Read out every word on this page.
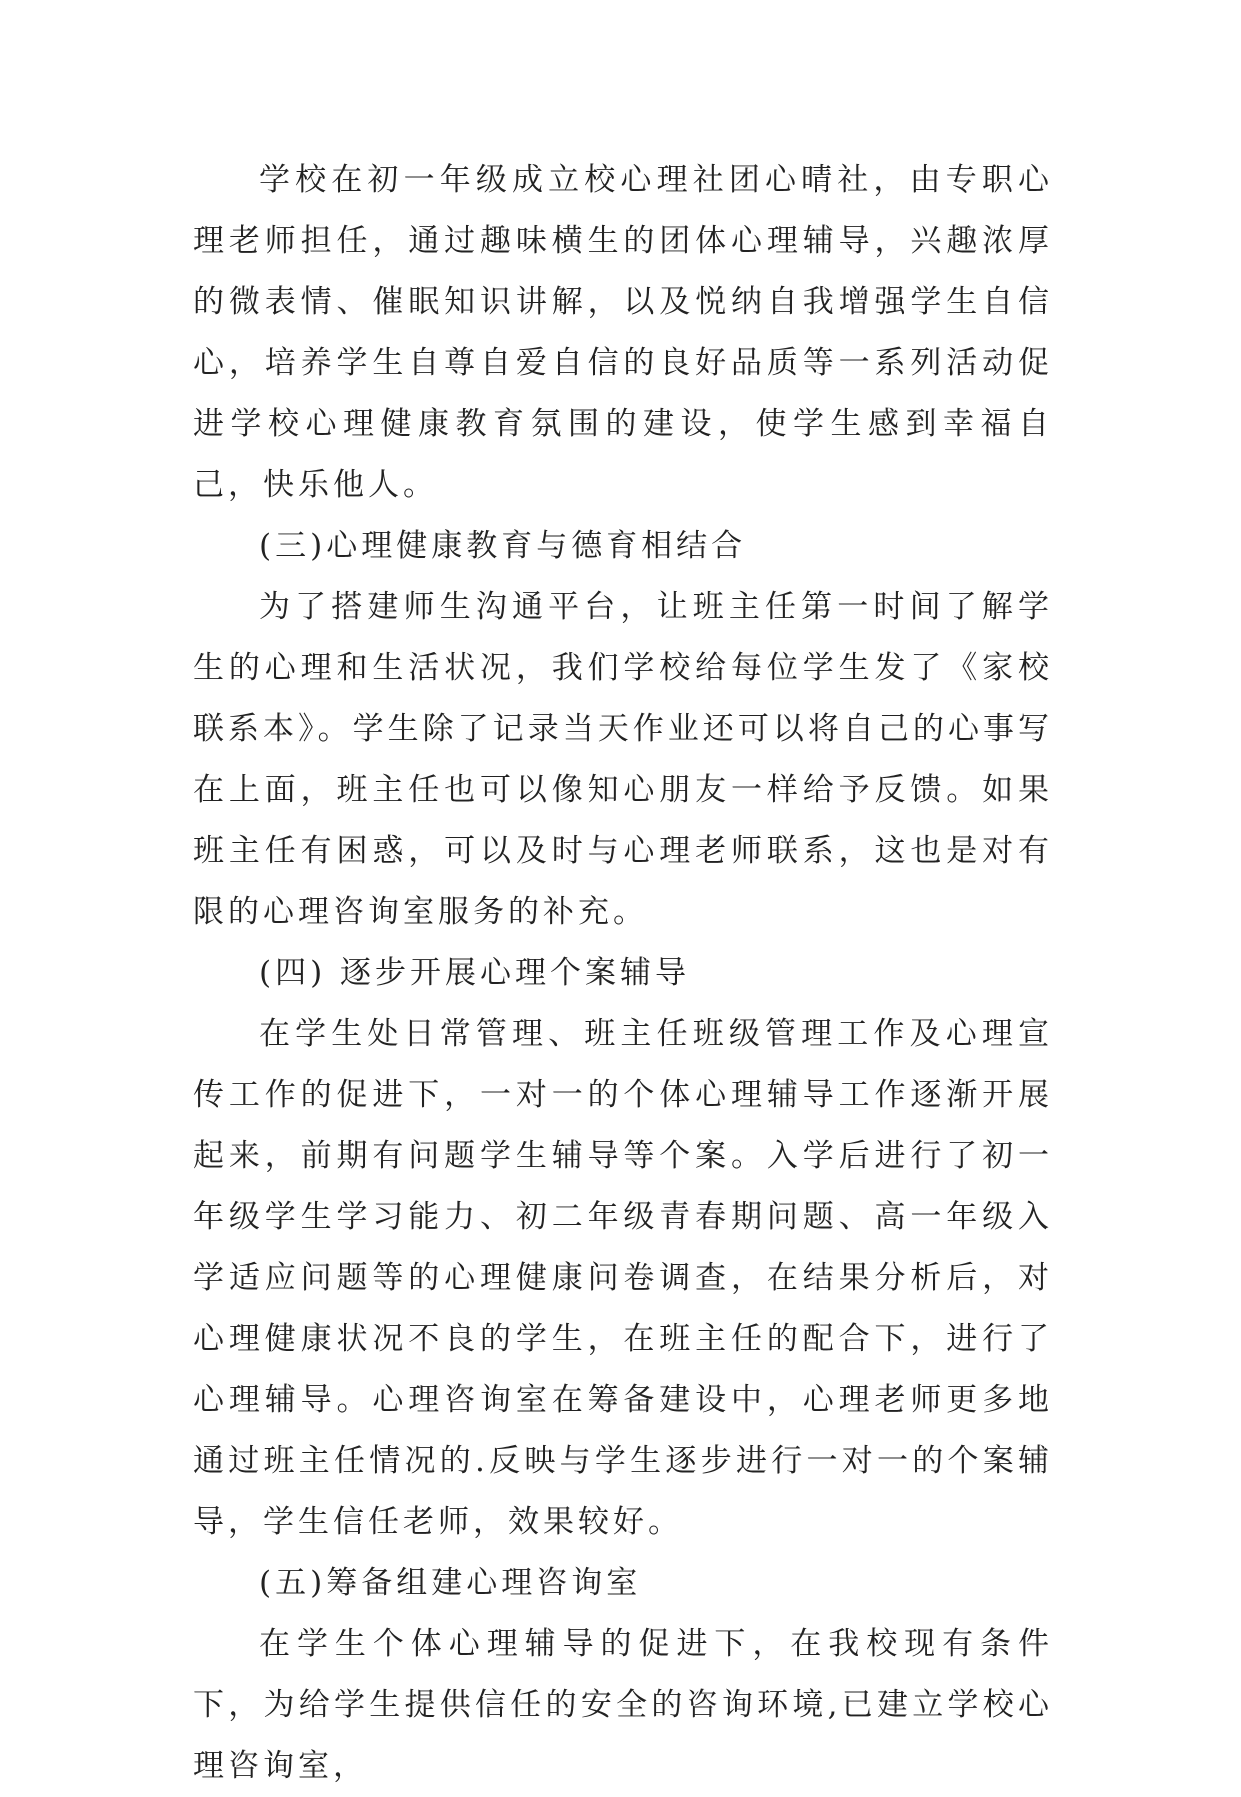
学校在初一年级成立校心理社团心晴社，由专职心理老师担任，通过趣味横生的团体心理辅导，兴趣浓厚的微表情、催眠知识讲解，以及悦纳自我增强学生自信心，培养学生自尊自爱自信的良好品质等一系列活动促进学校心理健康教育氛围的建设，使学生感到幸福自己，快乐他人。

(三)心理健康教育与德育相结合

为了搭建师生沟通平台，让班主任第一时间了解学生的心理和生活状况，我们学校给每位学生发了《家校联系本》。学生除了记录当天作业还可以将自己的心事写在上面，班主任也可以像知心朋友一样给予反馈。如果班主任有困惑，可以及时与心理老师联系，这也是对有限的心理咨询室服务的补充。

(四) 逐步开展心理个案辅导

在学生处日常管理、班主任班级管理工作及心理宣传工作的促进下，一对一的个体心理辅导工作逐渐开展起来，前期有问题学生辅导等个案。入学后进行了初一年级学生学习能力、初二年级青春期问题、高一年级入学适应问题等的心理健康问卷调查，在结果分析后，对心理健康状况不良的学生，在班主任的配合下，进行了心理辅导。心理咨询室在筹备建设中，心理老师更多地通过班主任情况的.反映与学生逐步进行一对一的个案辅导，学生信任老师，效果较好。

(五)筹备组建心理咨询室

在学生个体心理辅导的促进下，在我校现有条件下，为给学生提供信任的安全的咨询环境,已建立学校心理咨询室，
